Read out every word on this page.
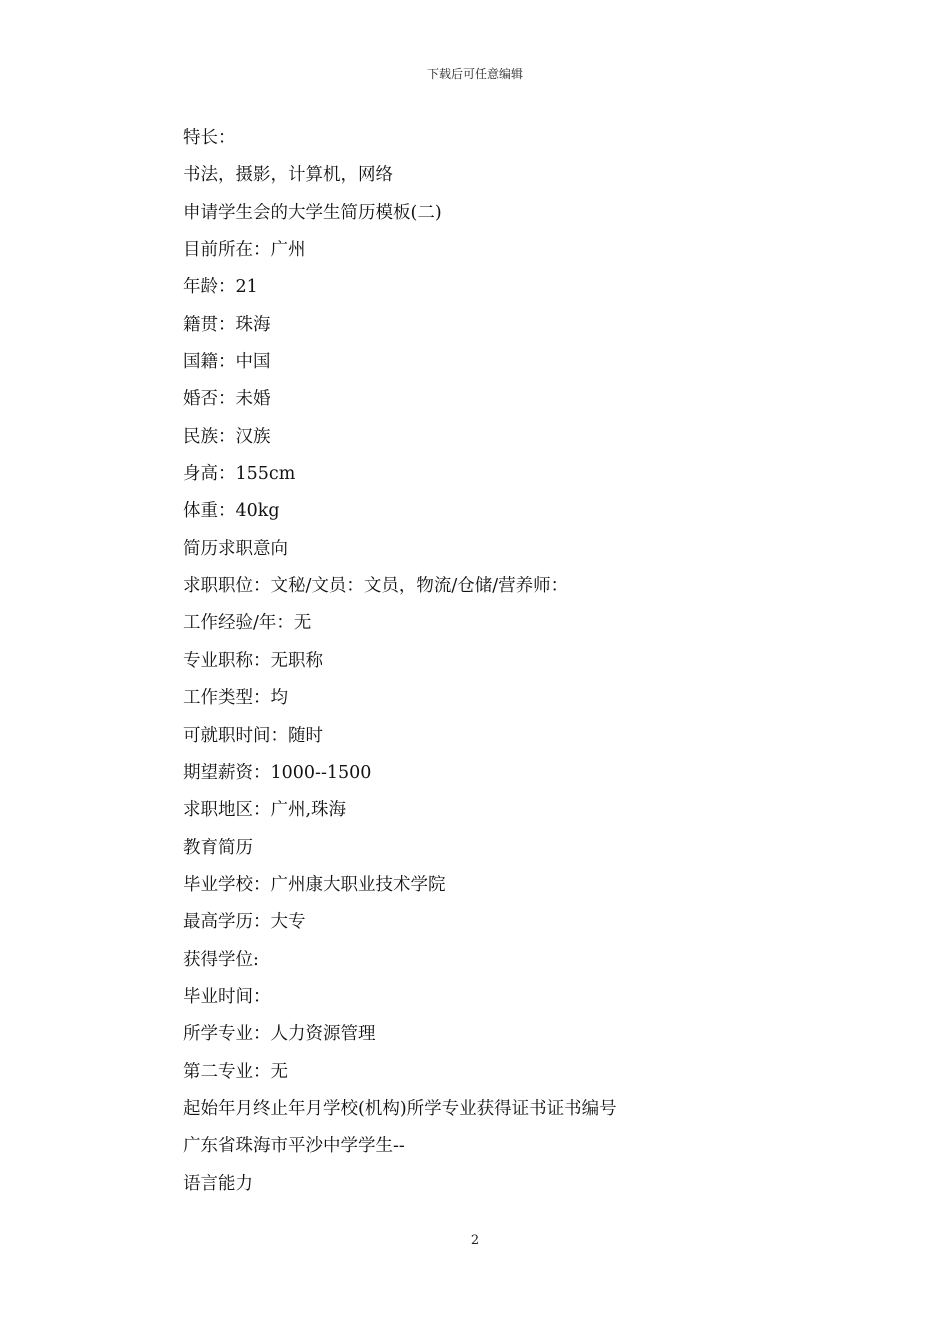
下载后可任意编辑
特长：
书法，摄影，计算机，网络
申请学生会的大学生简历模板(二)
目前所在：广州
年龄：21
籍贯：珠海
国籍：中国
婚否：未婚
民族：汉族
身高：155cm
体重：40kg
简历求职意向
求职职位：文秘/文员：文员，物流/仓储/营养师：
工作经验/年：无
专业职称：无职称
工作类型：均
可就职时间：随时
期望薪资：1000--1500
求职地区：广州,珠海
教育简历
毕业学校：广州康大职业技术学院
最高学历：大专
获得学位:
毕业时间：
所学专业：人力资源管理
第二专业：无
起始年月终止年月学校(机构)所学专业获得证书证书编号
广东省珠海市平沙中学学生--
语言能力
2
